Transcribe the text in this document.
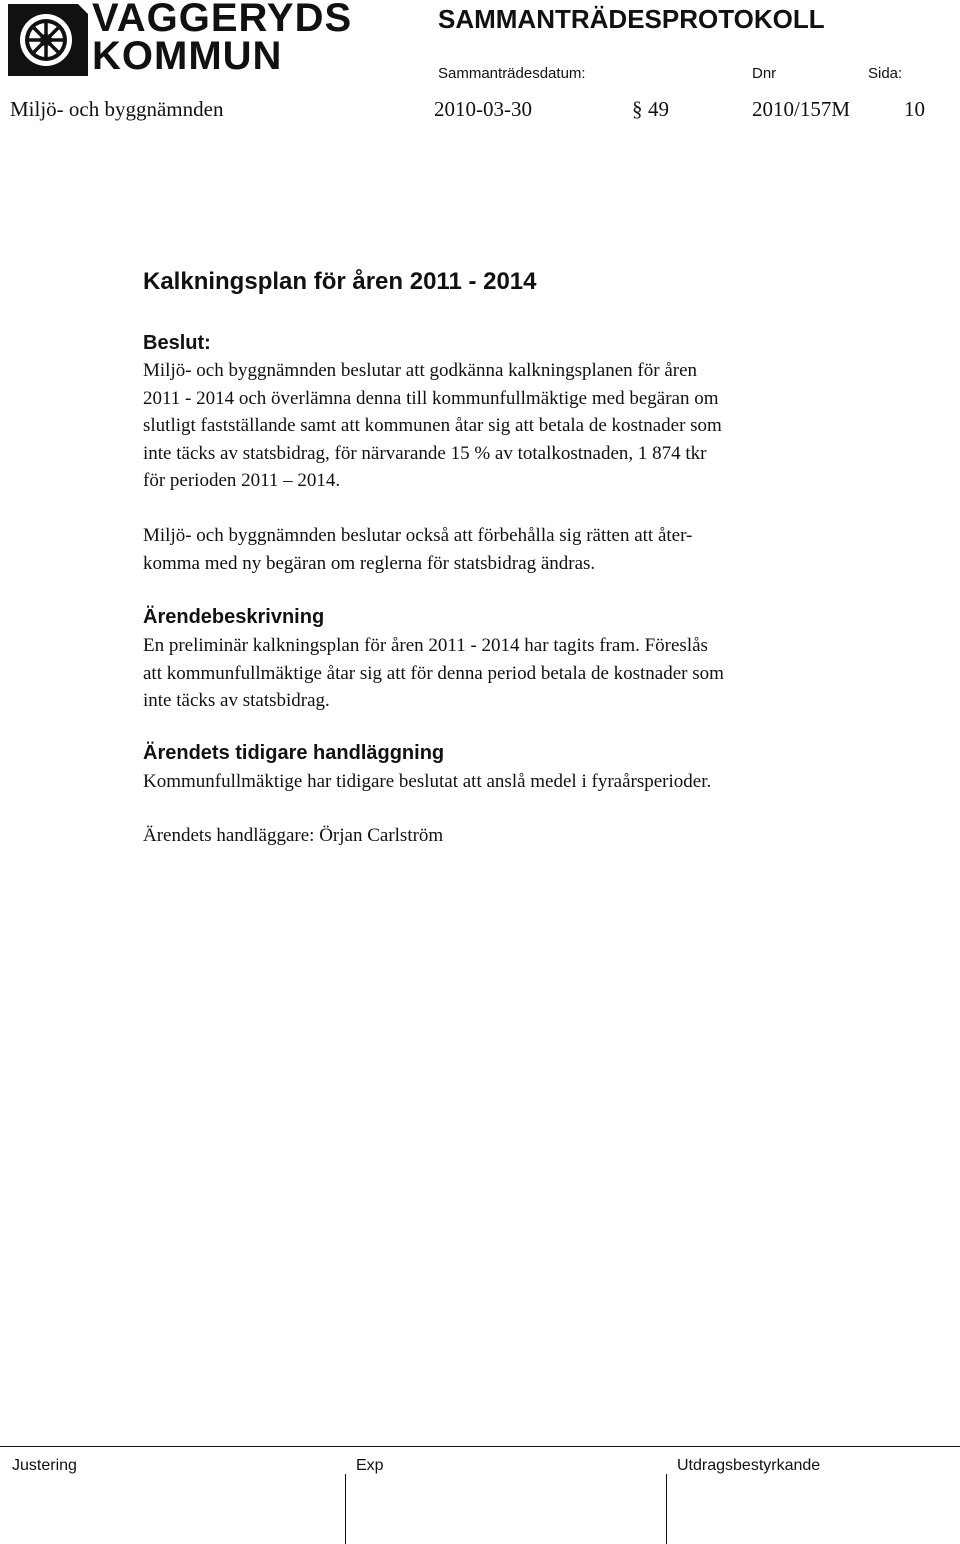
VAGGERYDS
KOMMUN
SAMMANTRÄDESPROTOKOLL
Sammanträdesdatum:	Dnr	Sida:
Miljö- och byggnämnden	2010-03-30	§ 49	2010/157M	10
Kalkningsplan för åren 2011 - 2014
Beslut:

Miljö- och byggnämnden beslutar att godkänna kalkningsplanen för åren

2011 - 2014 och överlämna denna till kommunfullmäktige med begäran om

slutligt fastställande samt att kommunen åtar sig att betala de kostnader som

inte täcks av statsbidrag, för närvarande 15 % av totalkostnaden, 1 874 tkr

för perioden 2011 – 2014.

Miljö- och byggnämnden beslutar också att förbehålla sig rätten att åter-

komma med ny begäran om reglerna för statsbidrag ändras.

Ärendebeskrivning

En preliminär kalkningsplan för åren 2011 - 2014 har tagits fram. Föreslås

att kommunfullmäktige åtar sig att för denna period betala de kostnader som

inte täcks av statsbidrag.

Ärendets tidigare handläggning

Kommunfullmäktige har tidigare beslutat att anslå medel i fyraårsperioder.

Ärendets handläggare: Örjan Carlström
Justering	Exp	Utdragsbestyrkande
